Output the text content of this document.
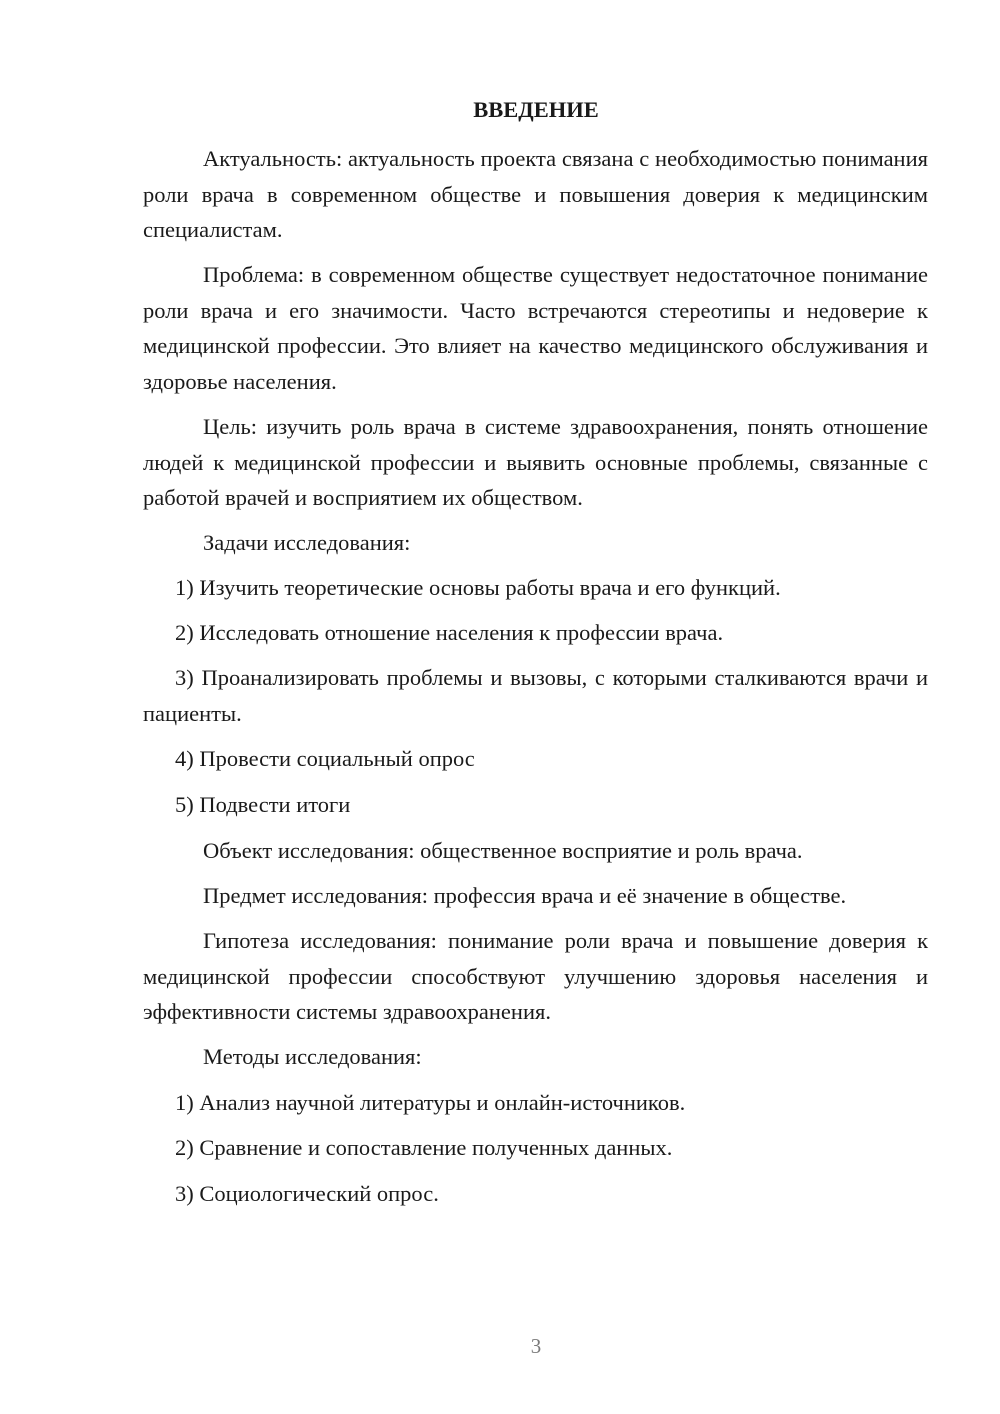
ВВЕДЕНИЕ

Актуальность: актуальность проекта связана с необходимостью понимания роли врача в современном обществе и повышения доверия к медицинским специалистам.

Проблема: в современном обществе существует недостаточное понимание роли врача и его значимости. Часто встречаются стереотипы и недоверие к медицинской профессии. Это влияет на качество медицинского обслуживания и здоровье населения.

Цель: изучить роль врача в системе здравоохранения, понять отношение людей к медицинской профессии и выявить основные проблемы, связанные с работой врачей и восприятием их обществом.

Задачи исследования:

1) Изучить теоретические основы работы врача и его функций.

2) Исследовать отношение населения к профессии врача.

3) Проанализировать проблемы и вызовы, с которыми сталкиваются врачи и пациенты.

4) Провести социальный опрос

5) Подвести итоги

Объект исследования: общественное восприятие и роль врача.

Предмет исследования: профессия врача и её значение в обществе.

Гипотеза исследования: понимание роли врача и повышение доверия к медицинской профессии способствуют улучшению здоровья населения и эффективности системы здравоохранения.

Методы исследования:

1) Анализ научной литературы и онлайн-источников.

2) Сравнение и сопоставление полученных данных.

3) Социологический опрос.

3
